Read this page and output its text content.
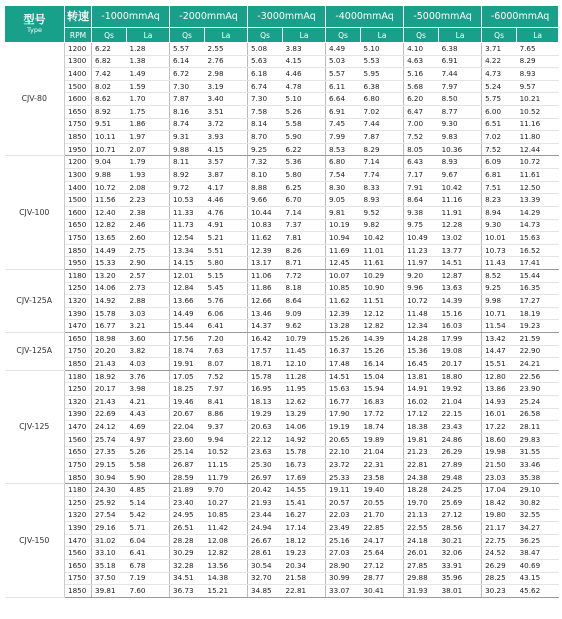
型号
Type	转速	-1000mmAq		-2000mmAq		-3000mmAq		-4000mmAq		-5000mmAq		-6000mmAq	
	RPM	Qs	La	Qs	La	Qs	La	Qs	La	Qs	La	Qs	La
CJV-80	1200	6.22	1.28	5.57	2.55	5.08	3.83	4.49	5.10	4.10	6.38	3.71	7.65
	1300	6.82	1.38	6.14	2.76	5.63	4.15	5.03	5.53	4.63	6.91	4.22	8.29
	1400	7.42	1.49	6.72	2.98	6.18	4.46	5.57	5.95	5.16	7.44	4.73	8.93
	1500	8.02	1.59	7.30	3.19	6.74	4.78	6.11	6.38	5.68	7.97	5.24	9.57
	1600	8.62	1.70	7.87	3.40	7.30	5.10	6.64	6.80	6.20	8.50	5.75	10.21
	1650	8.92	1.75	8.16	3.51	7.58	5.26	6.91	7.02	6.47	8.77	6.00	10.52
	1750	9.51	1.86	8.74	3.72	8.14	5.58	7.45	7.44	7.00	9.30	6.51	11.16
	1850	10.11	1.97	9.31	3.93	8.70	5.90	7.99	7.87	7.52	9.83	7.02	11.80
	1950	10.71	2.07	9.88	4.15	9.25	6.22	8.53	8.29	8.05	10.36	7.52	12.44
CJV-100	1200	9.04	1.79	8.11	3.57	7.32	5.36	6.80	7.14	6.43	8.93	6.09	10.72
	1300	9.88	1.93	8.92	3.87	8.10	5.80	7.54	7.74	7.17	9.67	6.81	11.61
	1400	10.72	2.08	9.72	4.17	8.88	6.25	8.30	8.33	7.91	10.42	7.51	12.50
	1500	11.56	2.23	10.53	4.46	9.66	6.70	9.05	8.93	8.64	11.16	8.23	13.39
	1600	12.40	2.38	11.33	4.76	10.44	7.14	9.81	9.52	9.38	11.91	8.94	14.29
	1650	12.82	2.46	11.73	4.91	10.83	7.37	10.19	9.82	9.75	12.28	9.30	14.73
	1750	13.65	2.60	12.54	5.21	11.62	7.81	10.94	10.42	10.49	13.02	10.01	15.63
	1850	14.49	2.75	13.34	5.51	12.39	8.26	11.69	11.01	11.23	13.77	10.73	16.52
	1950	15.33	2.90	14.15	5.80	13.17	8.71	12.45	11.61	11.97	14.51	11.43	17.41
CJV-125A	1180	13.20	2.57	12.01	5.15	11.06	7.72	10.07	10.29	9.20	12.87	8.52	15.44
	1250	14.06	2.73	12.84	5.45	11.86	8.18	10.85	10.90	9.96	13.63	9.25	16.35
	1320	14.92	2.88	13.66	5.76	12.66	8.64	11.62	11.51	10.72	14.39	9.98	17.27
	1390	15.78	3.03	14.49	6.06	13.46	9.09	12.39	12.12	11.48	15.16	10.71	18.19
	1470	16.77	3.21	15.44	6.41	14.37	9.62	13.28	12.82	12.34	16.03	11.54	19.23
CJV-125A	1650	18.98	3.60	17.56	7.20	16.42	10.79	15.26	14.39	14.28	17.99	13.42	21.59
	1750	20.20	3.82	18.74	7.63	17.57	11.45	16.37	15.26	15.36	19.08	14.47	22.90
	1850	21.43	4.03	19.91	8.07	18.71	12.10	17.48	16.14	16.45	20.17	15.51	24.21
CJV-125	1180	18.92	3.76	17.05	7.52	15.78	11.28	14.51	15.04	13.81	18.80	12.80	22.56
	1250	20.17	3.98	18.25	7.97	16.95	11.95	15.63	15.94	14.91	19.92	13.86	23.90
	1320	21.43	4.21	19.46	8.41	18.13	12.62	16.77	16.83	16.02	21.04	14.93	25.24
	1390	22.69	4.43	20.67	8.86	19.29	13.29	17.90	17.72	17.12	22.15	16.01	26.58
	1470	24.12	4.69	22.04	9.37	20.63	14.06	19.19	18.74	18.38	23.43	17.22	28.11
	1560	25.74	4.97	23.60	9.94	22.12	14.92	20.65	19.89	19.81	24.86	18.60	29.83
	1650	27.35	5.26	25.14	10.52	23.63	15.78	22.10	21.04	21.23	26.29	19.98	31.55
	1750	29.15	5.58	26.87	11.15	25.30	16.73	23.72	22.31	22.81	27.89	21.50	33.46
	1850	30.94	5.90	28.59	11.79	26.97	17.69	25.33	23.58	24.38	29.48	23.03	35.38
CJV-150	1180	24.30	4.85	21.89	9.70	20.42	14.55	19.11	19.40	18.28	24.25	17.04	29.10
	1250	25.92	5.14	23.40	10.27	21.93	15.41	20.57	20.55	19.70	25.69	18.42	30.82
	1320	27.54	5.42	24.95	10.85	23.44	16.27	22.03	21.70	21.13	27.12	19.80	32.55
	1390	29.16	5.71	26.51	11.42	24.94	17.14	23.49	22.85	22.55	28.56	21.17	34.27
	1470	31.02	6.04	28.28	12.08	26.67	18.12	25.16	24.17	24.18	30.21	22.75	36.25
	1560	33.10	6.41	30.29	12.82	28.61	19.23	27.03	25.64	26.01	32.06	24.52	38.47
	1650	35.18	6.78	32.28	13.56	30.54	20.34	28.90	27.12	27.85	33.91	26.29	40.69
	1750	37.50	7.19	34.51	14.38	32.70	21.58	30.99	28.77	29.88	35.96	28.25	43.15
	1850	39.81	7.60	36.73	15.21	34.85	22.81	33.07	30.41	31.93	38.01	30.23	45.62
